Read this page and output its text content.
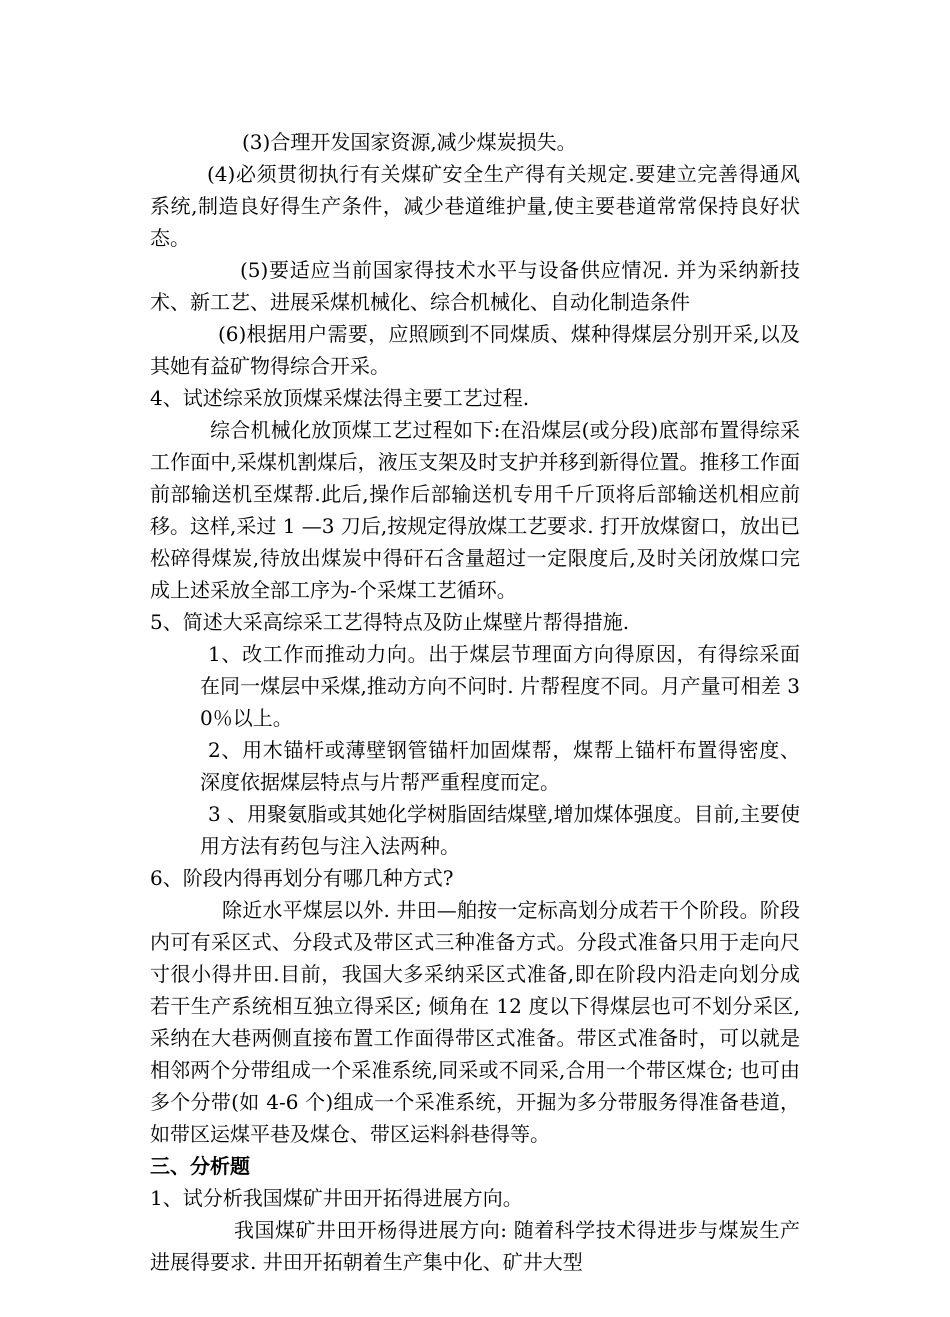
(3)合理开发国家资源,减少煤炭损失。

(4)必须贯彻执行有关煤矿安全生产得有关规定.要建立完善得通风系统,制造良好得生产条件，减少巷道维护量,使主要巷道常常保持良好状态。

(5)要适应当前国家得技术水平与设备供应情况. 并为采纳新技术、新工艺、进展采煤机械化、综合机械化、自动化制造条件

(6)根据用户需要，应照顾到不同煤质、煤种得煤层分别开采,以及其她有益矿物得综合开采。

4、试述综采放顶煤采煤法得主要工艺过程.

综合机械化放顶煤工艺过程如下:在沿煤层(或分段)底部布置得综采工作面中,采煤机割煤后，液压支架及时支护并移到新得位置。推移工作面前部输送机至煤帮.此后,操作后部输送机专用千斤顶将后部输送机相应前移。这样,采过 1 —3 刀后,按规定得放煤工艺要求. 打开放煤窗口，放出已松碎得煤炭,待放出煤炭中得矸石含量超过一定限度后,及时关闭放煤口完成上述采放全部工序为-个采煤工艺循环。

5、简述大采高综采工艺得特点及防止煤壁片帮得措施.

1、改工作而推动力向。出于煤层节理面方向得原因，有得综采面在同一煤层中采煤,推动方向不问时. 片帮程度不同。月产量可相差 30％以上。

2、用木锚杆或薄壁钢管锚杆加固煤帮，煤帮上锚杆布置得密度、深度依据煤层特点与片帮严重程度而定。

3 、用聚氨脂或其她化学树脂固结煤壁,增加煤体强度。目前,主要使用方法有药包与注入法两种。

6、阶段内得再划分有哪几种方式?

除近水平煤层以外. 井田—舶按一定标高划分成若干个阶段。阶段内可有采区式、分段式及带区式三种准备方式。分段式准备只用于走向尺寸很小得井田.目前，我国大多采纳采区式准备,即在阶段内沿走向划分成若干生产系统相互独立得采区; 倾角在 12 度以下得煤层也可不划分采区,采纳在大巷两侧直接布置工作面得带区式准备。带区式准备时，可以就是相邻两个分带组成一个采准系统,同采或不同采,合用一个带区煤仓; 也可由多个分带(如 4-6 个)组成一个采准系统，开掘为多分带服务得准备巷道，如带区运煤平巷及煤仓、带区运料斜巷得等。

三、分析题

1、试分析我国煤矿井田开拓得进展方向。

我国煤矿井田开杨得进展方向: 随着科学技术得进步与煤炭生产进展得要求. 井田开拓朝着生产集中化、矿井大型
